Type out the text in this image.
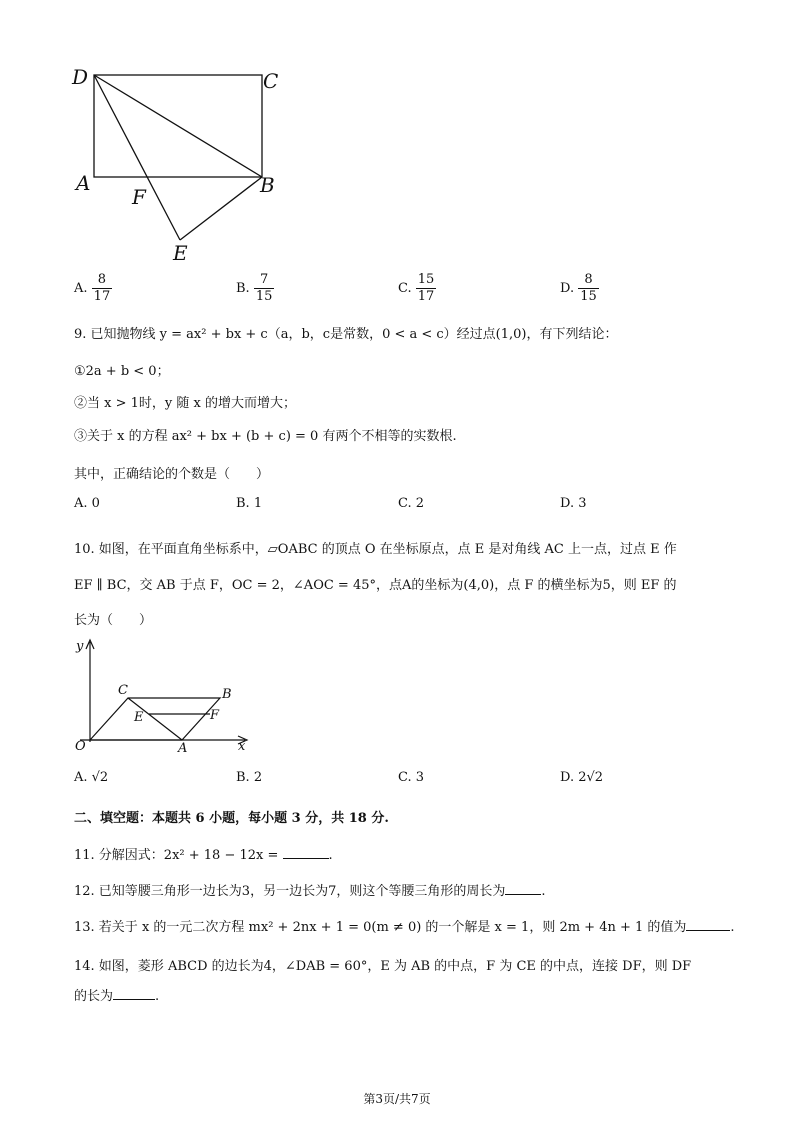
D	C
A	B
F
E
A. $\frac{8}{17}$	B. $\frac{7}{15}$	C. $\frac{15}{17}$	D. $\frac{8}{15}$
9. 已知抛物线 y = ax² + bx + c（a，b，c是常数，0 < a < c）经过点(1,0)，有下列结论：
①2a + b < 0；
②当 x > 1时，y 随 x 的增大而增大；
③关于 x 的方程 ax² + bx + (b + c) = 0 有两个不相等的实数根.
其中，正确结论的个数是（　　）
A. 0	B. 1	C. 2	D. 3
10. 如图，在平面直角坐标系中，▱OABC 的顶点 O 在坐标原点，点 E 是对角线 AC 上一点，过点 E 作
EF ∥ BC，交 AB 于点 F，OC = 2，∠AOC = 45°，点A的坐标为(4,0)，点 F 的横坐标为5，则 EF 的
长为（　　）
y
x
O	A
B
C
E	F
A. √2	B. 2	C. 3	D. 2√2
二、填空题：本题共 6 小题，每小题 3 分，共 18 分.
11. 分解因式：2x² + 18 − 12x =	.
12. 已知等腰三角形一边长为3，另一边长为7，则这个等腰三角形的周长为	.
13. 若关于 x 的一元二次方程 mx² + 2nx + 1 = 0(m ≠ 0) 的一个解是 x = 1，则 2m + 4n + 1 的值为	.
14. 如图，菱形 ABCD 的边长为4，∠DAB = 60°，E 为 AB 的中点，F 为 CE 的中点，连接 DF，则 DF
的长为	.
第3页/共7页
